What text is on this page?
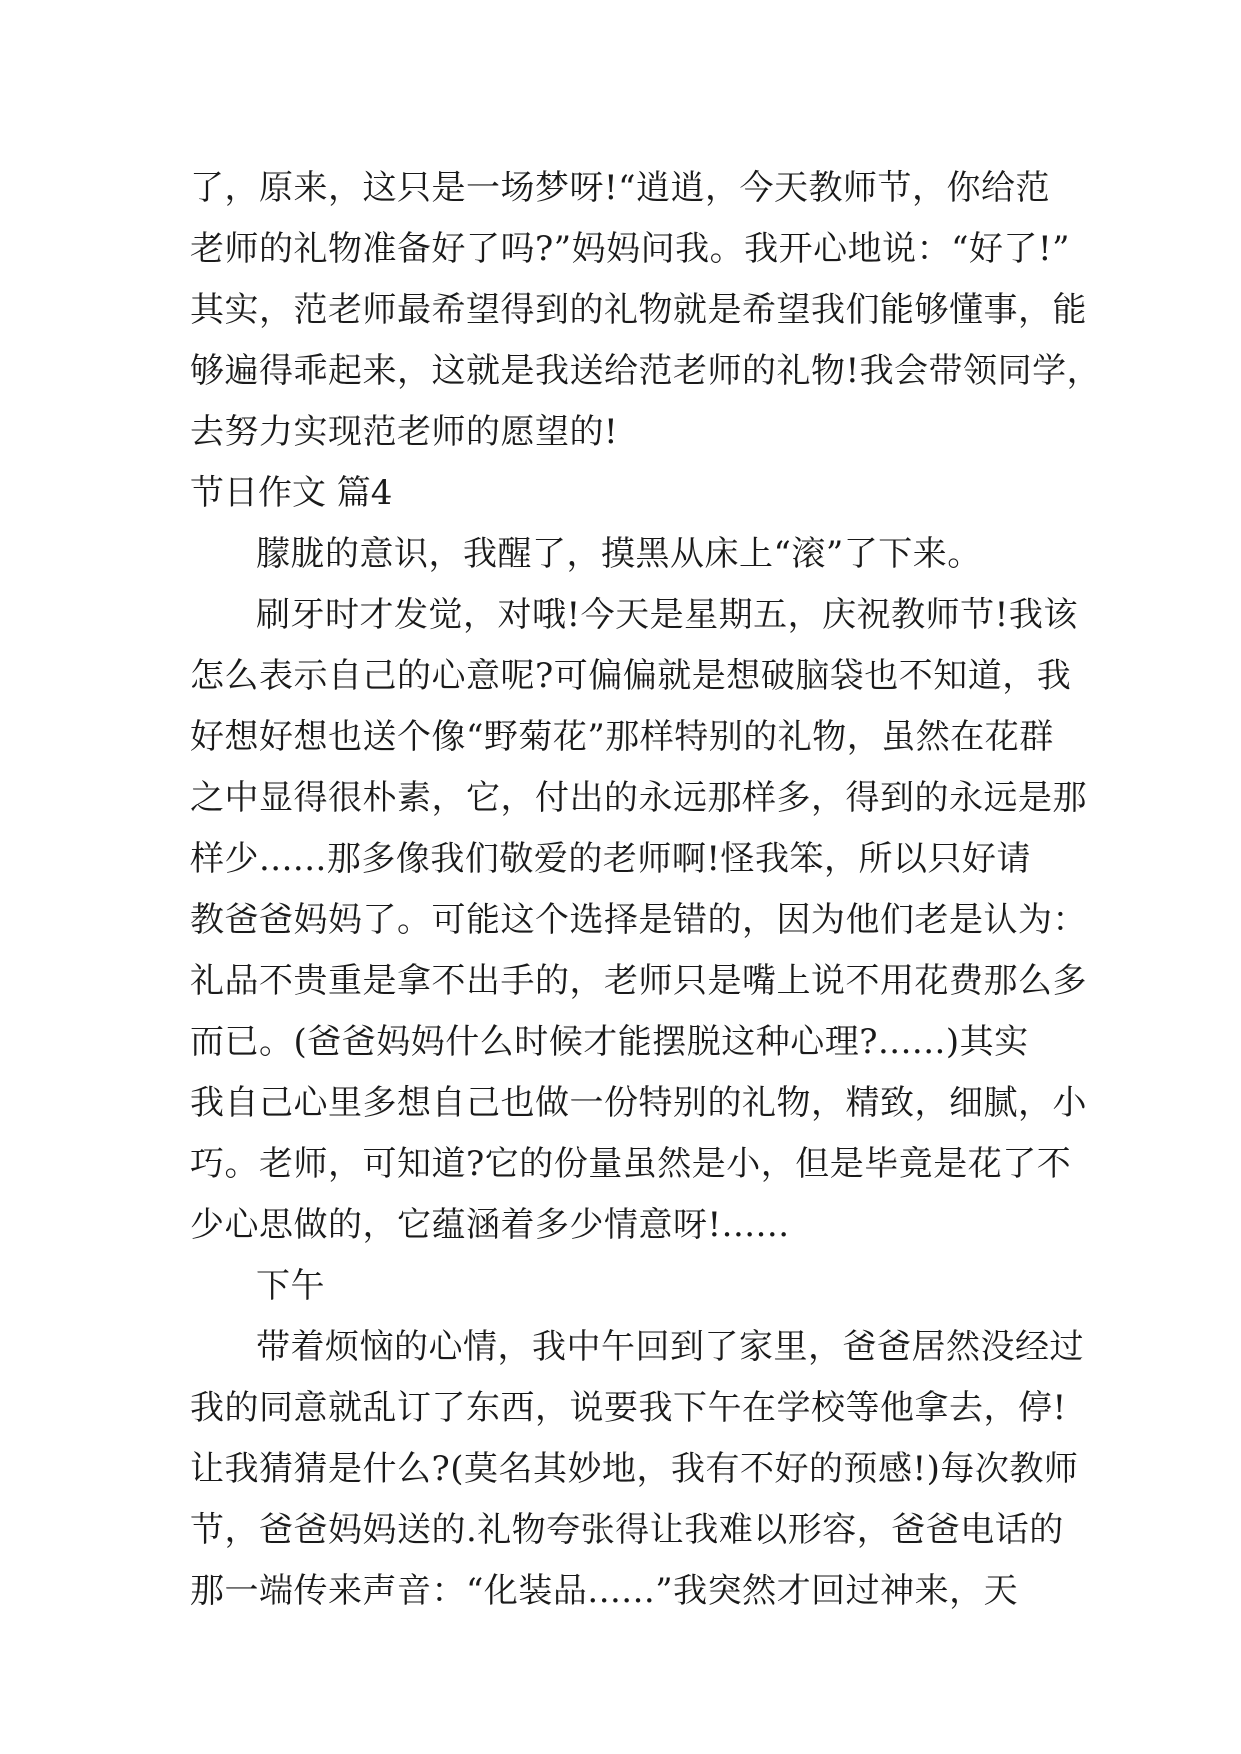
了，原来，这只是一场梦呀!“逍逍，今天教师节，你给范
老师的礼物准备好了吗?”妈妈问我。我开心地说：“好了!”
其实，范老师最希望得到的礼物就是希望我们能够懂事，能
够遍得乖起来，这就是我送给范老师的礼物!我会带领同学，
去努力实现范老师的愿望的!
节日作文 篇4
朦胧的意识，我醒了，摸黑从床上“滚”了下来。
刷牙时才发觉，对哦!今天是星期五，庆祝教师节!我该
怎么表示自己的心意呢?可偏偏就是想破脑袋也不知道，我
好想好想也送个像“野菊花”那样特别的礼物，虽然在花群
之中显得很朴素，它，付出的永远那样多，得到的永远是那
样少......那多像我们敬爱的老师啊!怪我笨，所以只好请
教爸爸妈妈了。可能这个选择是错的，因为他们老是认为：
礼品不贵重是拿不出手的，老师只是嘴上说不用花费那么多
而已。(爸爸妈妈什么时候才能摆脱这种心理?......)其实
我自己心里多想自己也做一份特别的礼物，精致，细腻，小
巧。老师，可知道?它的份量虽然是小，但是毕竟是花了不
少心思做的，它蕴涵着多少情意呀!......
下午
带着烦恼的心情，我中午回到了家里，爸爸居然没经过
我的同意就乱订了东西，说要我下午在学校等他拿去，停!
让我猜猜是什么?(莫名其妙地，我有不好的预感!)每次教师
节，爸爸妈妈送的.礼物夸张得让我难以形容，爸爸电话的
那一端传来声音：“化装品......”我突然才回过神来，天
